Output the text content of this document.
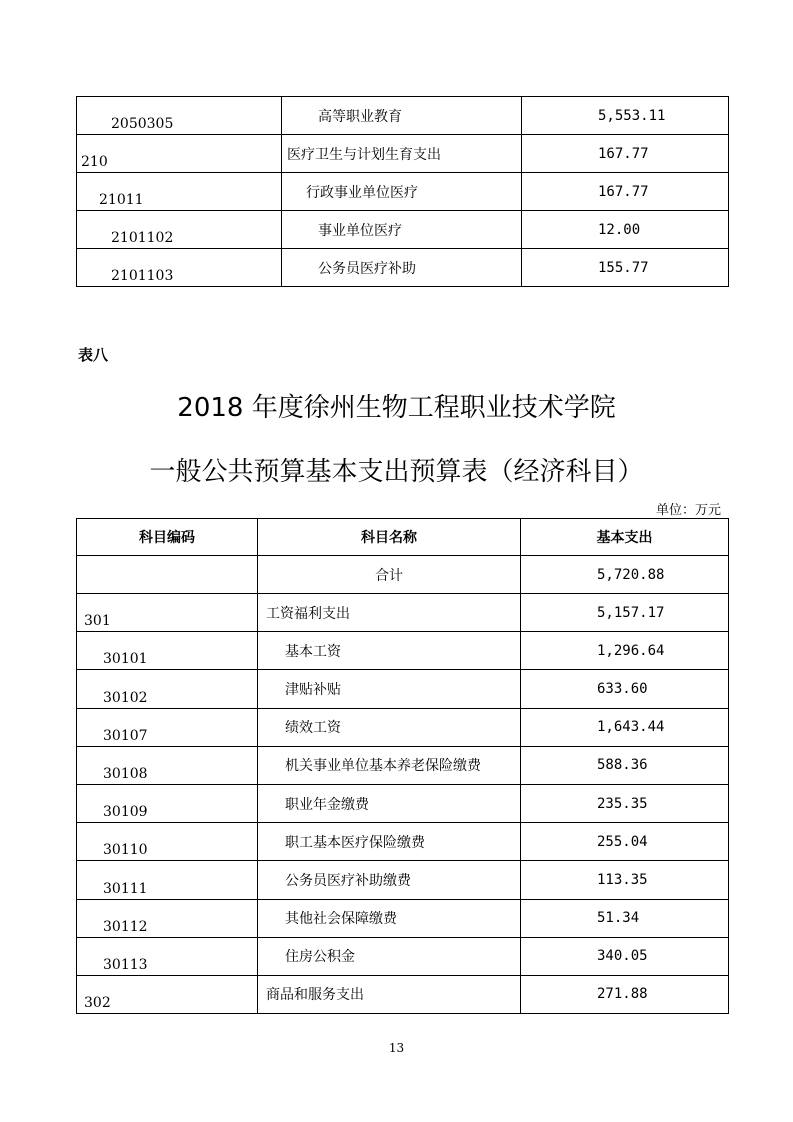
2050305	高等职业教育	5,553.11
210	医疗卫生与计划生育支出	167.77
21011	行政事业单位医疗	167.77
2101102	事业单位医疗	12.00
2101103	公务员医疗补助	155.77
表八
2018 年度徐州生物工程职业技术学院
一般公共预算基本支出预算表（经济科目）
单位：万元
科目编码	科目名称	基本支出
	合计	5,720.88
301	工资福利支出	5,157.17
30101	基本工资	1,296.64
30102	津贴补贴	633.60
30107	绩效工资	1,643.44
30108	机关事业单位基本养老保险缴费	588.36
30109	职业年金缴费	235.35
30110	职工基本医疗保险缴费	255.04
30111	公务员医疗补助缴费	113.35
30112	其他社会保障缴费	51.34
30113	住房公积金	340.05
302	商品和服务支出	271.88
13
